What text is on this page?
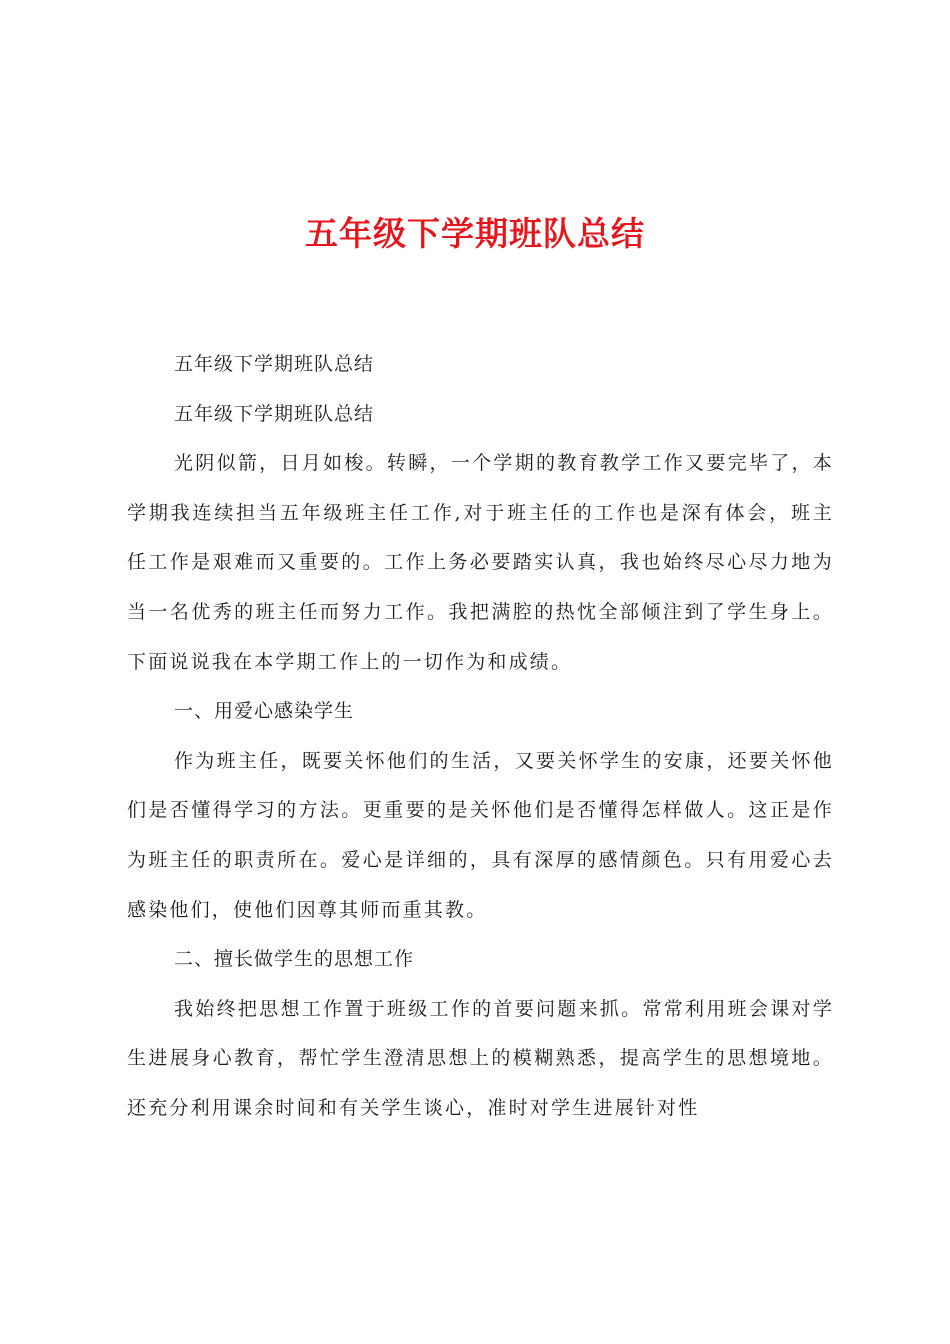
五年级下学期班队总结

五年级下学期班队总结

五年级下学期班队总结

光阴似箭，日月如梭。转瞬，一个学期的教育教学工作又要完毕了，本学期我连续担当五年级班主任工作,对于班主任的工作也是深有体会，班主任工作是艰难而又重要的。工作上务必要踏实认真，我也始终尽心尽力地为当一名优秀的班主任而努力工作。我把满腔的热忱全部倾注到了学生身上。下面说说我在本学期工作上的一切作为和成绩。

一、用爱心感染学生

作为班主任，既要关怀他们的生活，又要关怀学生的安康，还要关怀他们是否懂得学习的方法。更重要的是关怀他们是否懂得怎样做人。这正是作为班主任的职责所在。爱心是详细的，具有深厚的感情颜色。只有用爱心去感染他们，使他们因尊其师而重其教。

二、擅长做学生的思想工作

我始终把思想工作置于班级工作的首要问题来抓。常常利用班会课对学生进展身心教育，帮忙学生澄清思想上的模糊熟悉，提高学生的思想境地。还充分利用课余时间和有关学生谈心，准时对学生进展针对性
